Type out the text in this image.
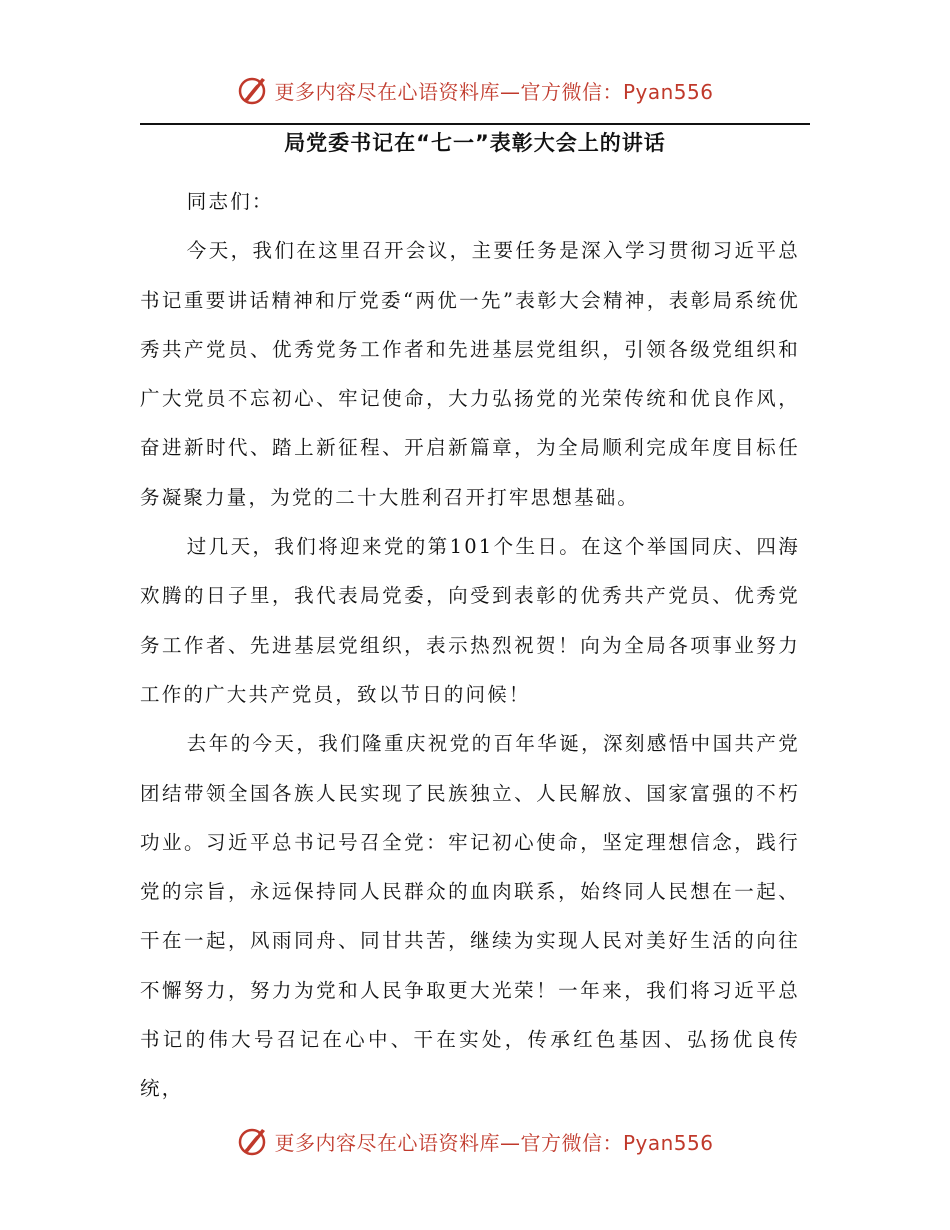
更多内容尽在心语资料库—官方微信：Pyan556
局党委书记在“七一”表彰大会上的讲话

同志们：

今天，我们在这里召开会议，主要任务是深入学习贯彻习近平总书记重要讲话精神和厅党委“两优一先”表彰大会精神，表彰局系统优秀共产党员、优秀党务工作者和先进基层党组织，引领各级党组织和广大党员不忘初心、牢记使命，大力弘扬党的光荣传统和优良作风，奋进新时代、踏上新征程、开启新篇章，为全局顺利完成年度目标任务凝聚力量，为党的二十大胜利召开打牢思想基础。

过几天，我们将迎来党的第101个生日。在这个举国同庆、四海欢腾的日子里，我代表局党委，向受到表彰的优秀共产党员、优秀党务工作者、先进基层党组织，表示热烈祝贺！向为全局各项事业努力工作的广大共产党员，致以节日的问候！

去年的今天，我们隆重庆祝党的百年华诞，深刻感悟中国共产党团结带领全国各族人民实现了民族独立、人民解放、国家富强的不朽功业。习近平总书记号召全党：牢记初心使命，坚定理想信念，践行党的宗旨，永远保持同人民群众的血肉联系，始终同人民想在一起、干在一起，风雨同舟、同甘共苦，继续为实现人民对美好生活的向往不懈努力，努力为党和人民争取更大光荣！一年来，我们将习近平总书记的伟大号召记在心中、干在实处，传承红色基因、弘扬优良传统，

更多内容尽在心语资料库—官方微信：Pyan556
